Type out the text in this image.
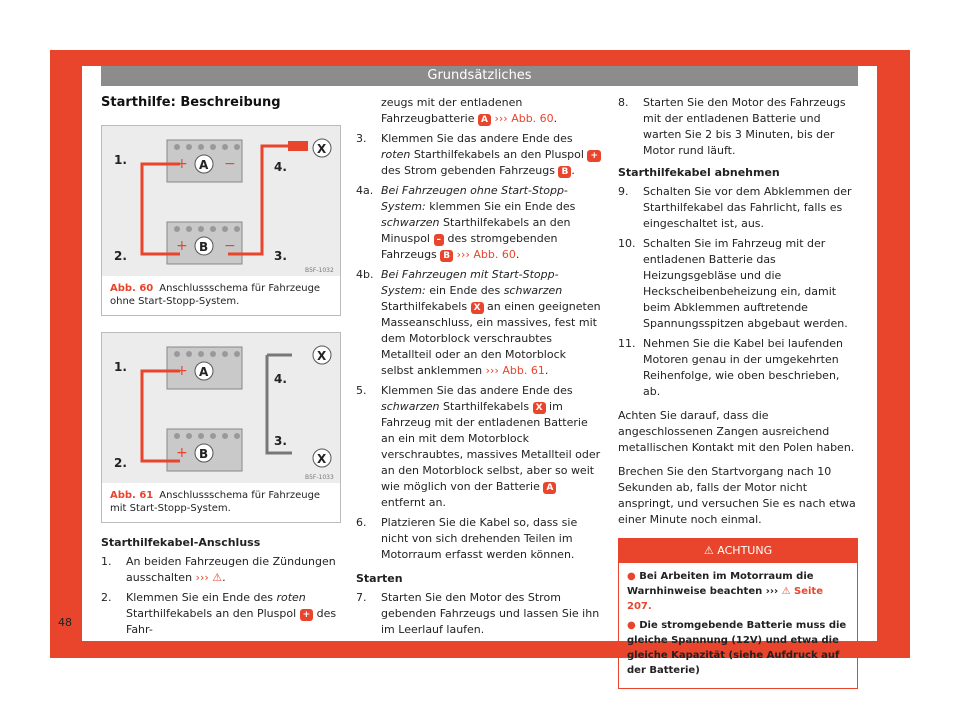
Grundsätzliches
Starthilfe: Beschreibung
+	−
+	−
1.
2.	3.
4.
A
B
X
B5F-1032
Abb. 60 Anschlussschema für Fahrzeuge ohne Start-Stopp-System.
+
+
1.
2.
3.
4.
A
B
X
X
B5F-1033
Abb. 61 Anschlussschema für Fahrzeuge mit Start-Stopp-System.
Starthilfekabel-Anschluss
1. An beiden Fahrzeugen die Zündungen ausschalten ››› ⚠.
2. Klemmen Sie ein Ende des roten Starthilfekabels an den Pluspol + des Fahr-
zeugs mit der entladenen Fahrzeugbatterie A ››› Abb. 60.
3. Klemmen Sie das andere Ende des roten Starthilfekabels an den Pluspol + des Strom gebenden Fahrzeugs B .
4a. Bei Fahrzeugen ohne Start-Stopp-System: klemmen Sie ein Ende des schwarzen Starthilfekabels an den Minuspol – des stromgebenden Fahrzeugs B ››› Abb. 60.
4b. Bei Fahrzeugen mit Start-Stopp-System: ein Ende des schwarzen Starthilfekabels X an einen geeigneten Masseanschluss, ein massives, fest mit dem Motorblock verschraubtes Metallteil oder an den Motorblock selbst anklemmen ››› Abb. 61.
5. Klemmen Sie das andere Ende des schwarzen Starthilfekabels X im Fahrzeug mit der entladenen Batterie an ein mit dem Motorblock verschraubtes, massives Metallteil oder an den Motorblock selbst, aber so weit wie möglich von der Batterie A entfernt an.
6. Platzieren Sie die Kabel so, dass sie nicht von sich drehenden Teilen im Motorraum erfasst werden können.
Starten
7. Starten Sie den Motor des Strom gebenden Fahrzeugs und lassen Sie ihn im Leerlauf laufen.
8. Starten Sie den Motor des Fahrzeugs mit der entladenen Batterie und warten Sie 2 bis 3 Minuten, bis der Motor rund läuft.
Starthilfekabel abnehmen
9. Schalten Sie vor dem Abklemmen der Starthilfekabel das Fahrlicht, falls es eingeschaltet ist, aus.
10. Schalten Sie im Fahrzeug mit der entladenen Batterie das Heizungsgebläse und die Heckscheibenbeheizung ein, damit beim Abklemmen auftretende Spannungsspitzen abgebaut werden.
11. Nehmen Sie die Kabel bei laufenden Motoren genau in der umgekehrten Reihenfolge, wie oben beschrieben, ab.

Achten Sie darauf, dass die angeschlossenen Zangen ausreichend metallischen Kontakt mit den Polen haben.

Brechen Sie den Startvorgang nach 10 Sekunden ab, falls der Motor nicht anspringt, und versuchen Sie es nach etwa einer Minute noch einmal.

⚠ ACHTUNG

● Bei Arbeiten im Motorraum die Warnhinweise beachten ››› ⚠ Seite 207.

● Die stromgebende Batterie muss die gleiche Spannung (12V) und etwa die gleiche Kapazität (siehe Aufdruck auf der Batterie)

48
